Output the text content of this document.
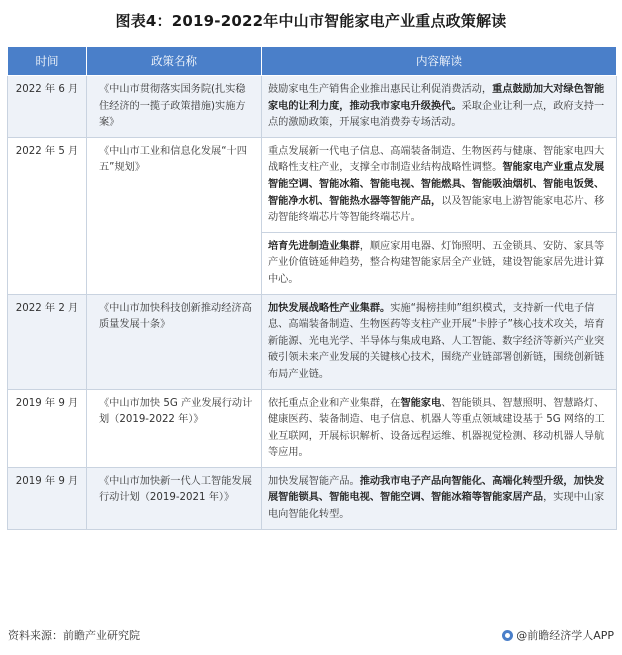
图表4：2019-2022年中山市智能家电产业重点政策解读
时间	政策名称	内容解读
2022 年 6 月	《中山市贯彻落实国务院(扎实稳住经济的一揽子政策措施)实施方案》	鼓励家电生产销售企业推出惠民让利促消费活动，重点鼓励加大对绿色智能家电的让利力度，推动我市家电升级换代。采取企业让利一点，政府支持一点的激励政策，开展家电消费券专场活动。
2022 年 5 月	《中山市工业和信息化发展“十四五”规划》	重点发展新一代电子信息、高端装备制造、生物医药与健康、智能家电四大战略性支柱产业，支撑全市制造业结构战略性调整。智能家电产业重点发展智能空调、智能冰箱、智能电视、智能燃具、智能吸油烟机、智能电饭煲、智能净水机、智能热水器等智能产品，以及智能家电上游智能家电芯片、移动智能终端芯片等智能终端芯片。
		培育先进制造业集群，顺应家用电器、灯饰照明、五金锁具、安防、家具等产业价值链延伸趋势，整合构建智能家居全产业链，建设智能家居先进计算中心。
2022 年 2 月	《中山市加快科技创新推动经济高质量发展十条》	加快发展战略性产业集群。实施“揭榜挂帅”组织模式，支持新一代电子信息、高端装备制造、生物医药等支柱产业开展“卡脖子”核心技术攻关，培育新能源、光电光学、半导体与集成电路、人工智能、数字经济等新兴产业突破引领未来产业发展的关键核心技术，围绕产业链部署创新链，围绕创新链布局产业链。
2019 年 9 月	《中山市加快 5G 产业发展行动计划（2019-2022 年）》	依托重点企业和产业集群，在智能家电、智能锁具、智慧照明、智慧路灯、健康医药、装备制造、电子信息、机器人等重点领域建设基于 5G 网络的工业互联网，开展标识解析、设备远程运维、机器视觉检测、移动机器人导航等应用。
2019 年 9 月	《中山市加快新一代人工智能发展行动计划（2019-2021 年）》	加快发展智能产品。推动我市电子产品向智能化、高端化转型升级，加快发展智能锁具、智能电视、智能空调、智能冰箱等智能家居产品，实现中山家电向智能化转型。
资料来源：前瞻产业研究院	@前瞻经济学人APP
